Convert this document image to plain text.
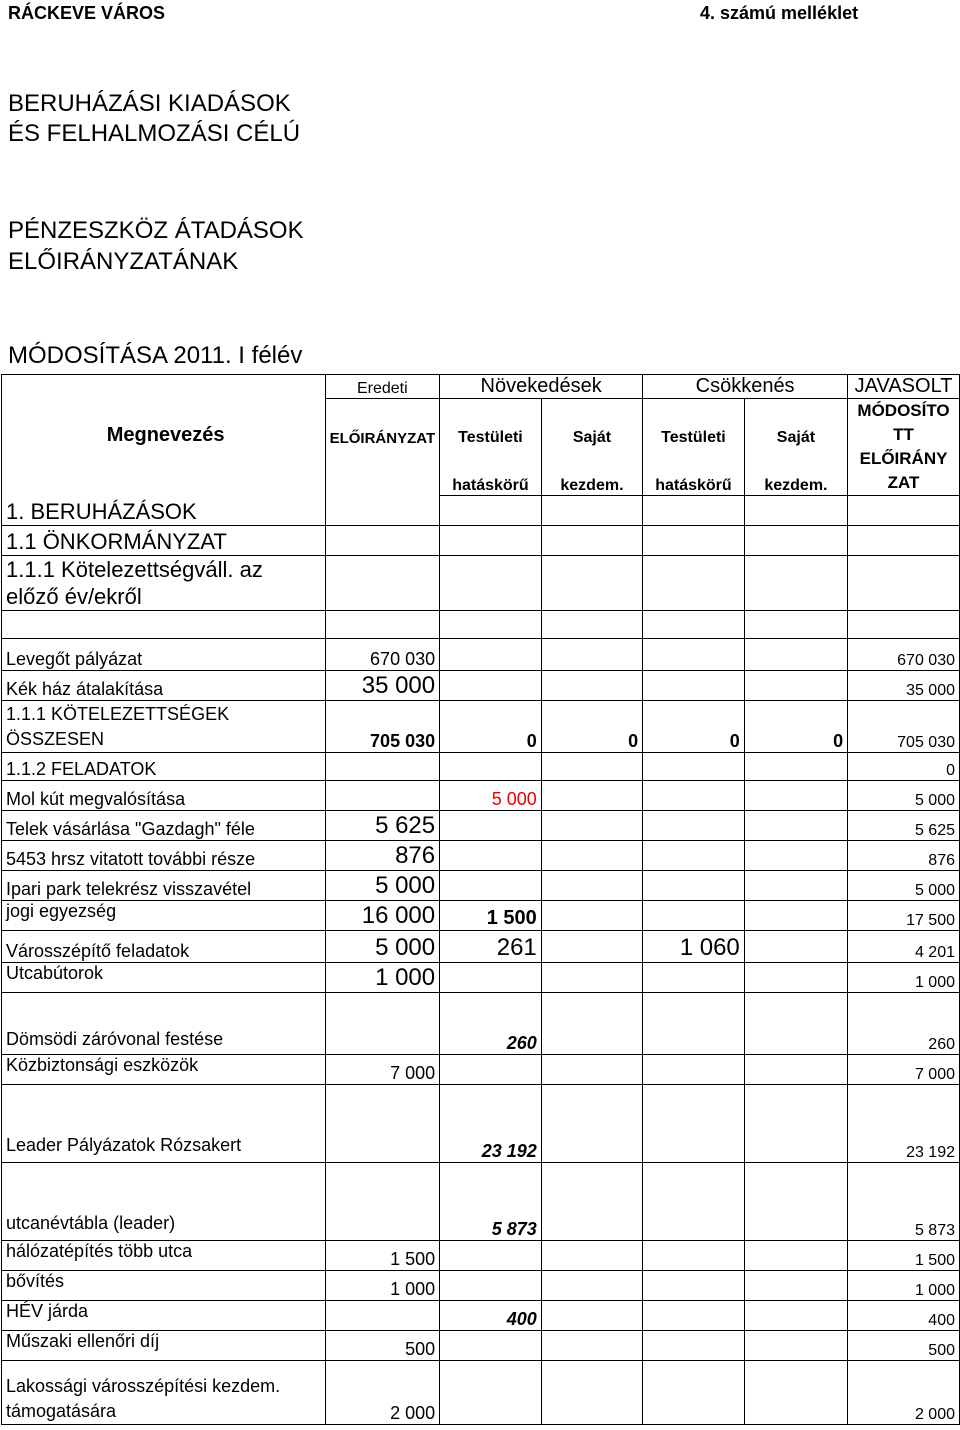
RÁCKEVE VÁROS	4. számú melléklet
BERUHÁZÁSI KIADÁSOK
ÉS FELHALMOZÁSI CÉLÚ
PÉNZESZKÖZ ÁTADÁSOK
ELŐIRÁNYZATÁNAK
MÓDOSÍTÁSA 2011. I félév
	Eredeti	Növekedések		Csökkenés		JAVASOLT
Megnevezés	ELŐIRÁNYZAT	Testületi	Saját	Testületi	Saját	MÓDOSÍTO TT
		hatáskörű	kezdem.	hatáskörű	kezdem.	ELŐIRÁNY ZAT
1. BERUHÁZÁSOK						
1.1 ÖNKORMÁNYZAT						
1.1.1 Kötelezettségváll. az előző év/ekről						

Levegőt pályázat	670 030					670 030
Kék ház átalakítása	35 000					35 000
1.1.1 KÖTELEZETTSÉGEK ÖSSZESEN	705 030	0	0	0	0	705 030
1.1.2 FELADATOK						0
Mol kút megvalósítása		5 000				5 000
Telek vásárlása "Gazdagh" féle	5 625					5 625
5453 hrsz vitatott további része	876					876
Ipari park telekrész visszavétel	5 000					5 000
jogi egyezség	16 000	1 500				17 500
Városszépítő feladatok	5 000	261		1 060		4 201
Utcabútorok	1 000					1 000
Dömsödi záróvonal festése		260				260
Közbiztonsági eszközök	7 000					7 000
Leader Pályázatok Rózsakert		23 192				23 192
utcanévtábla (leader)		5 873				5 873
hálózatépítés több utca	1 500					1 500
bővítés	1 000					1 000
HÉV járda		400				400
Műszaki ellenőri díj	500					500
Lakossági városszépítési kezdem. támogatására	2 000					2 000
